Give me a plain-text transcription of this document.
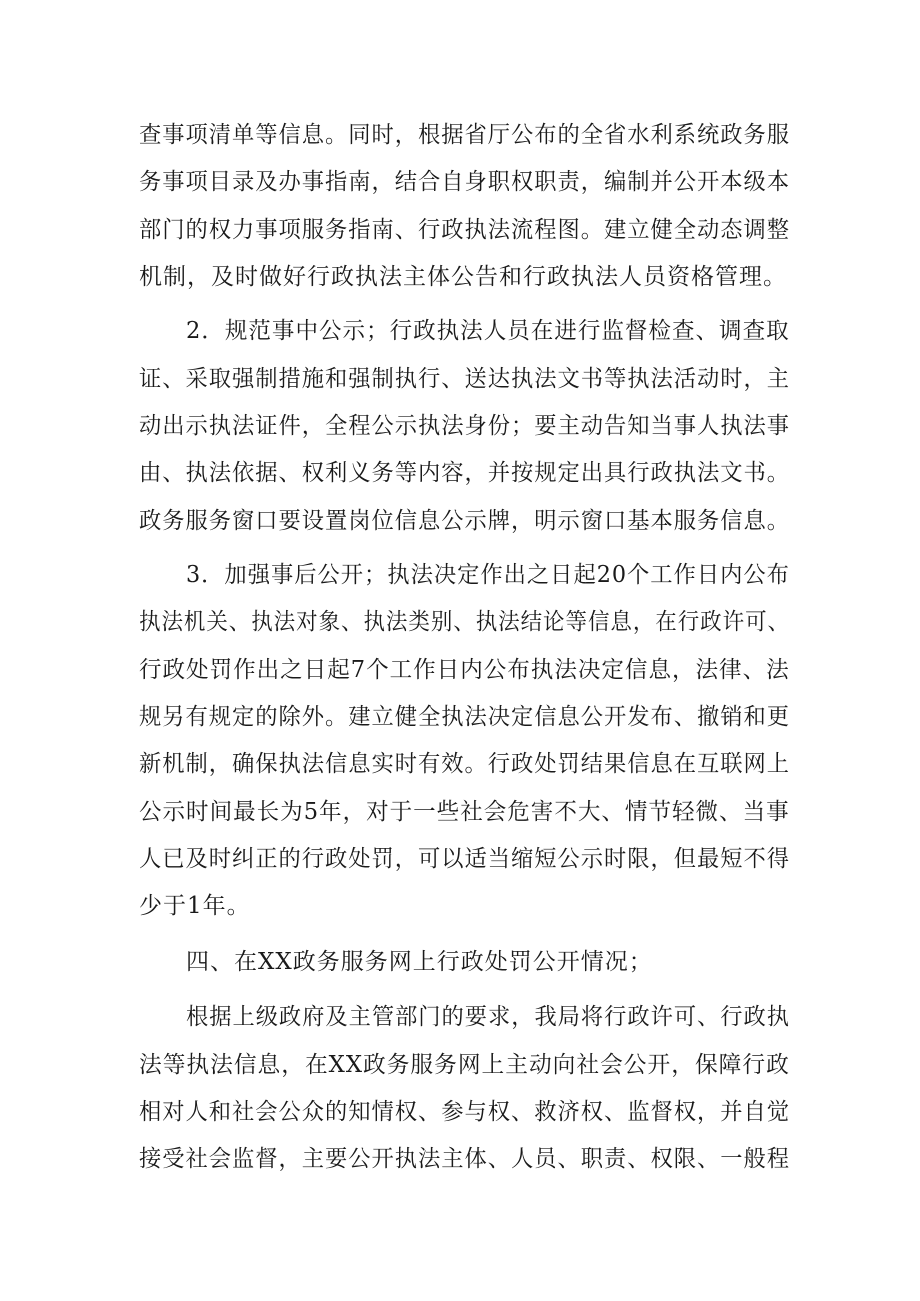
查事项清单等信息。同时，根据省厅公布的全省水利系统政务服
务事项目录及办事指南，结合自身职权职责，编制并公开本级本
部门的权力事项服务指南、行政执法流程图。建立健全动态调整
机制，及时做好行政执法主体公告和行政执法人员资格管理。
2．规范事中公示；行政执法人员在进行监督检查、调查取
证、采取强制措施和强制执行、送达执法文书等执法活动时，主
动出示执法证件，全程公示执法身份；要主动告知当事人执法事
由、执法依据、权利义务等内容，并按规定出具行政执法文书。
政务服务窗口要设置岗位信息公示牌，明示窗口基本服务信息。
3．加强事后公开；执法决定作出之日起20个工作日内公布
执法机关、执法对象、执法类别、执法结论等信息，在行政许可、
行政处罚作出之日起7个工作日内公布执法决定信息，法律、法
规另有规定的除外。建立健全执法决定信息公开发布、撤销和更
新机制，确保执法信息实时有效。行政处罚结果信息在互联网上
公示时间最长为5年，对于一些社会危害不大、情节轻微、当事
人已及时纠正的行政处罚，可以适当缩短公示时限，但最短不得
少于1年。
四、在XX政务服务网上行政处罚公开情况；
根据上级政府及主管部门的要求，我局将行政许可、行政执
法等执法信息，在XX政务服务网上主动向社会公开，保障行政
相对人和社会公众的知情权、参与权、救济权、监督权，并自觉
接受社会监督，主要公开执法主体、人员、职责、权限、一般程
